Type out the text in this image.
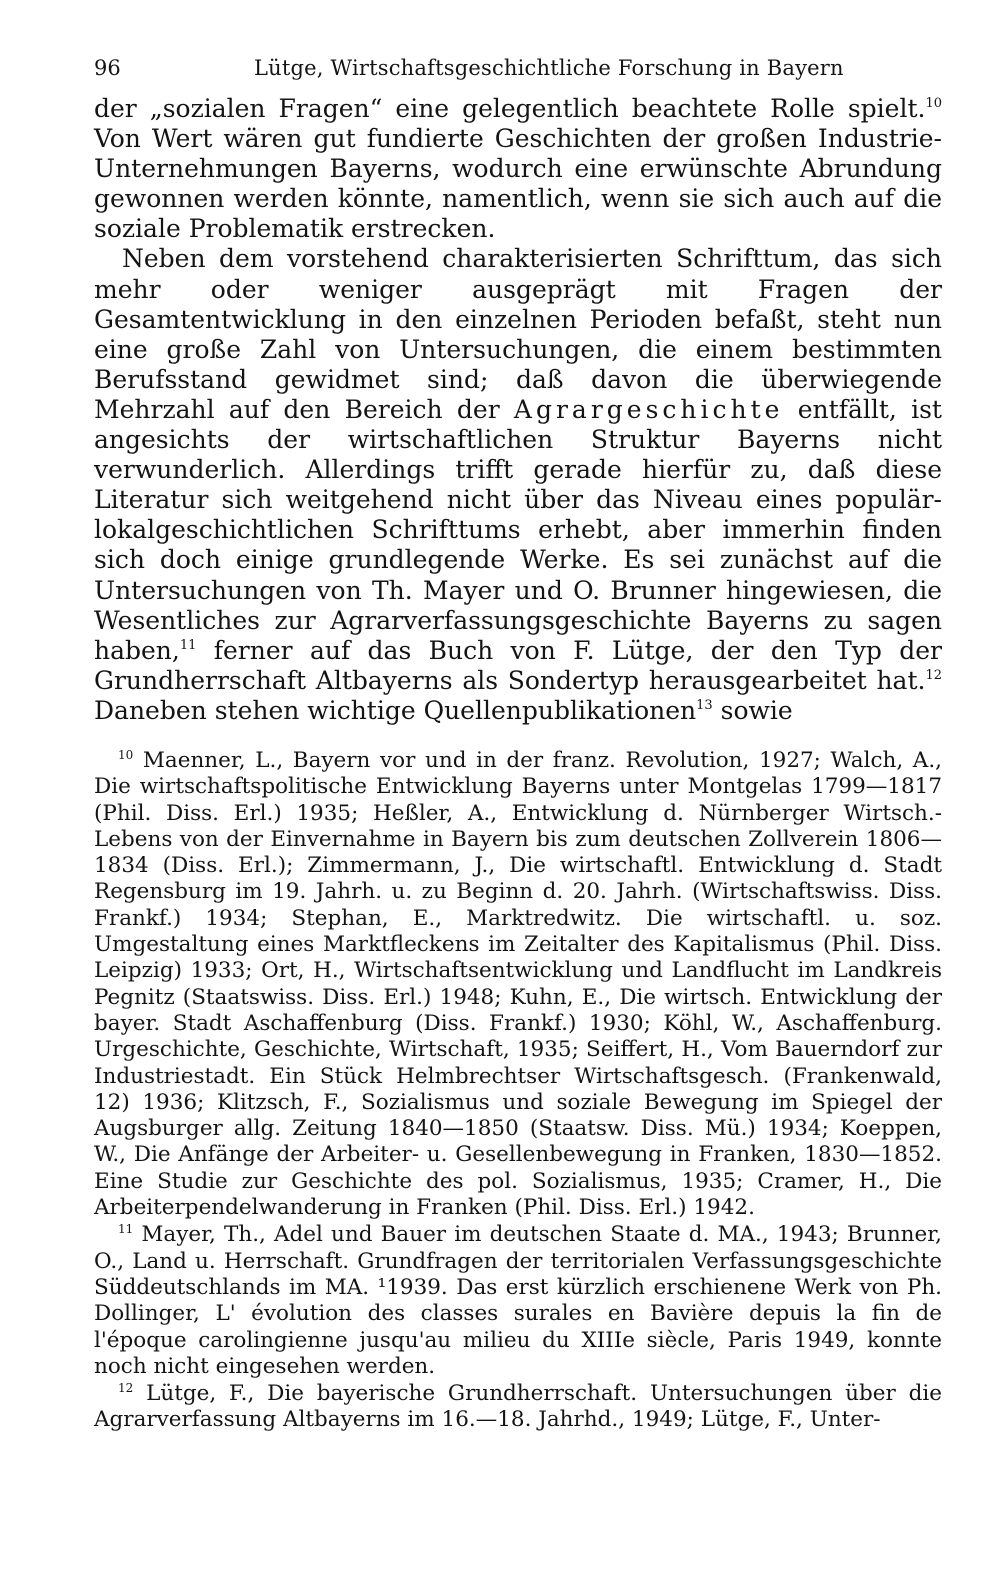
96	Lütge, Wirtschaftsgeschichtliche Forschung in Bayern

der „sozialen Fragen“ eine gelegentlich beachtete Rolle spielt.$^{10}$ Von Wert wären gut fundierte Geschichten der großen Industrie-Unternehmungen Bayerns, wodurch eine erwünschte Abrundung gewonnen werden könnte, namentlich, wenn sie sich auch auf die soziale Problematik erstrecken.

Neben dem vorstehend charakterisierten Schrifttum, das sich mehr oder weniger ausgeprägt mit Fragen der Gesamtentwicklung in den einzelnen Perioden befaßt, steht nun eine große Zahl von Untersuchungen, die einem bestimmten Berufsstand gewidmet sind; daß davon die überwiegende Mehrzahl auf den Bereich der Agrargeschichte entfällt, ist angesichts der wirtschaftlichen Struktur Bayerns nicht verwunderlich. Allerdings trifft gerade hierfür zu, daß diese Literatur sich weitgehend nicht über das Niveau eines populär-lokalgeschichtlichen Schrifttums erhebt, aber immerhin finden sich doch einige grundlegende Werke. Es sei zunächst auf die Untersuchungen von Th. Mayer und O. Brunner hingewiesen, die Wesentliches zur Agrarverfassungsgeschichte Bayerns zu sagen haben,$^{11}$ ferner auf das Buch von F. Lütge, der den Typ der Grundherrschaft Altbayerns als Sondertyp herausgearbeitet hat.$^{12}$ Daneben stehen wichtige Quellenpublikationen$^{13}$ sowie

$^{10}$ Maenner, L., Bayern vor und in der franz. Revolution, 1927; Walch, A., Die wirtschaftspolitische Entwicklung Bayerns unter Montgelas 1799—1817 (Phil. Diss. Erl.) 1935; Heßler, A., Entwicklung d. Nürnberger Wirtsch.-Lebens von der Einvernahme in Bayern bis zum deutschen Zollverein 1806—1834 (Diss. Erl.); Zimmermann, J., Die wirtschaftl. Entwicklung d. Stadt Regensburg im 19. Jahrh. u. zu Beginn d. 20. Jahrh. (Wirtschaftswiss. Diss. Frankf.) 1934; Stephan, E., Marktredwitz. Die wirtschaftl. u. soz. Umgestaltung eines Marktfleckens im Zeitalter des Kapitalismus (Phil. Diss. Leipzig) 1933; Ort, H., Wirtschaftsentwicklung und Landflucht im Landkreis Pegnitz (Staatswiss. Diss. Erl.) 1948; Kuhn, E., Die wirtsch. Entwicklung der bayer. Stadt Aschaffenburg (Diss. Frankf.) 1930; Köhl, W., Aschaffenburg. Urgeschichte, Geschichte, Wirtschaft, 1935; Seiffert, H., Vom Bauerndorf zur Industriestadt. Ein Stück Helmbrechtser Wirtschaftsgesch. (Frankenwald, 12) 1936; Klitzsch, F., Sozialismus und soziale Bewegung im Spiegel der Augsburger allg. Zeitung 1840—1850 (Staatsw. Diss. Mü.) 1934; Koeppen, W., Die Anfänge der Arbeiter- u. Gesellenbewegung in Franken, 1830—1852. Eine Studie zur Geschichte des pol. Sozialismus, 1935; Cramer, H., Die Arbeiterpendelwanderung in Franken (Phil. Diss. Erl.) 1942.

$^{11}$ Mayer, Th., Adel und Bauer im deutschen Staate d. MA., 1943; Brunner, O., Land u. Herrschaft. Grundfragen der territorialen Verfassungsgeschichte Süddeutschlands im MA. ¹1939. Das erst kürzlich erschienene Werk von Ph. Dollinger, L' évolution des classes surales en Bavière depuis la fin de l'époque carolingienne jusqu'au milieu du XIIIe siècle, Paris 1949, konnte noch nicht eingesehen werden.

$^{12}$ Lütge, F., Die bayerische Grundherrschaft. Untersuchungen über die Agrarverfassung Altbayerns im 16.—18. Jahrhd., 1949; Lütge, F., Unter-
